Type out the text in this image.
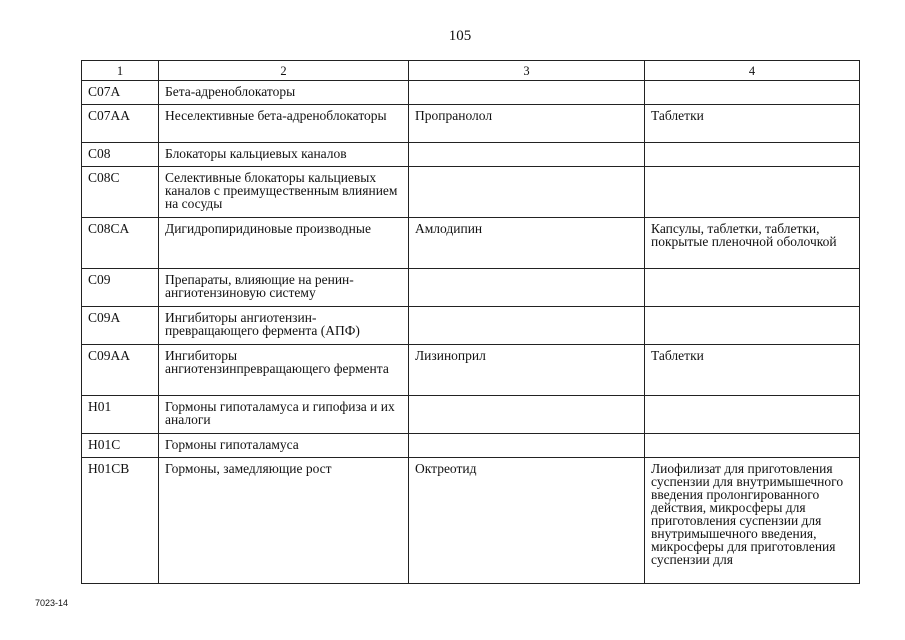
105
1	2	3	4
C07A	Бета-адреноблокаторы		
C07AA	Неселективные бета-адреноблокаторы	Пропранолол	Таблетки
C08	Блокаторы кальциевых каналов		
C08C	Селективные блокаторы кальциевых каналов с преимущественным влиянием на сосуды		
C08CA	Дигидропиридиновые производные	Амлодипин	Капсулы, таблетки, таблетки, покрытые пленочной оболочкой
C09	Препараты, влияющие на ренин-ангиотензиновую систему		
C09A	Ингибиторы ангиотензин-превращающего фермента (АПФ)		
C09AA	Ингибиторы ангиотензинпревращающего фермента	Лизиноприл	Таблетки
H01	Гормоны гипоталамуса и гипофиза и их аналоги		
H01C	Гормоны гипоталамуса		
H01CB	Гормоны, замедляющие рост	Октреотид	Лиофилизат для приготовления суспензии для внутримышечного введения пролонгированного действия, микросферы для приготовления суспензии для внутримышечного введения, микросферы для приготовления суспензии для
7023-14
